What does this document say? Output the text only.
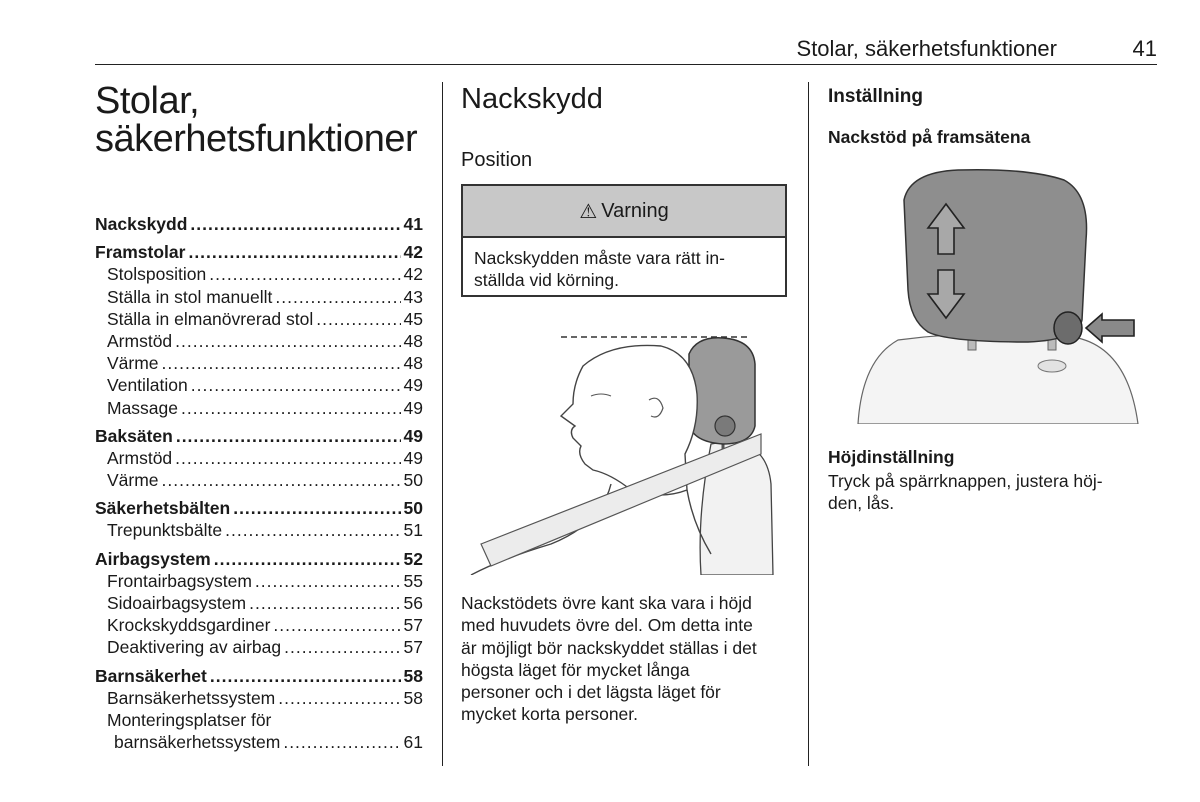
Stolar, säkerhetsfunktioner	41
Stolar,
säkerhetsfunktioner
Nackskydd .....	41
Framstolar .....	42
Stolsposition .....	42
Ställa in stol manuellt .....	43
Ställa in elmanövrerad stol .....	45
Armstöd .....	48
Värme .....	48
Ventilation .....	49
Massage .....	49
Baksäten .....	49
Armstöd .....	49
Värme .....	50
Säkerhetsbälten .....	50
Trepunktsbälte .....	51
Airbagsystem .....	52
Frontairbagsystem .....	55
Sidoairbagsystem .....	56
Krockskyddsgardiner .....	57
Deaktivering av airbag .....	57
Barnsäkerhet .....	58
Barnsäkerhetssystem .....	58
Monteringsplatser för
barnsäkerhetssystem .....	61
Nackskydd
Position
⚠ Varning
Nackskydden måste vara rätt in-
ställda vid körning.
Nackstödets övre kant ska vara i höjd
med huvudets övre del. Om detta inte
är möjligt bör nackskyddet ställas i det
högsta läget för mycket långa
personer och i det lägsta läget för
mycket korta personer.
Inställning
Nackstöd på framsätena
Höjdinställning
Tryck på spärrknappen, justera höj-
den, lås.
